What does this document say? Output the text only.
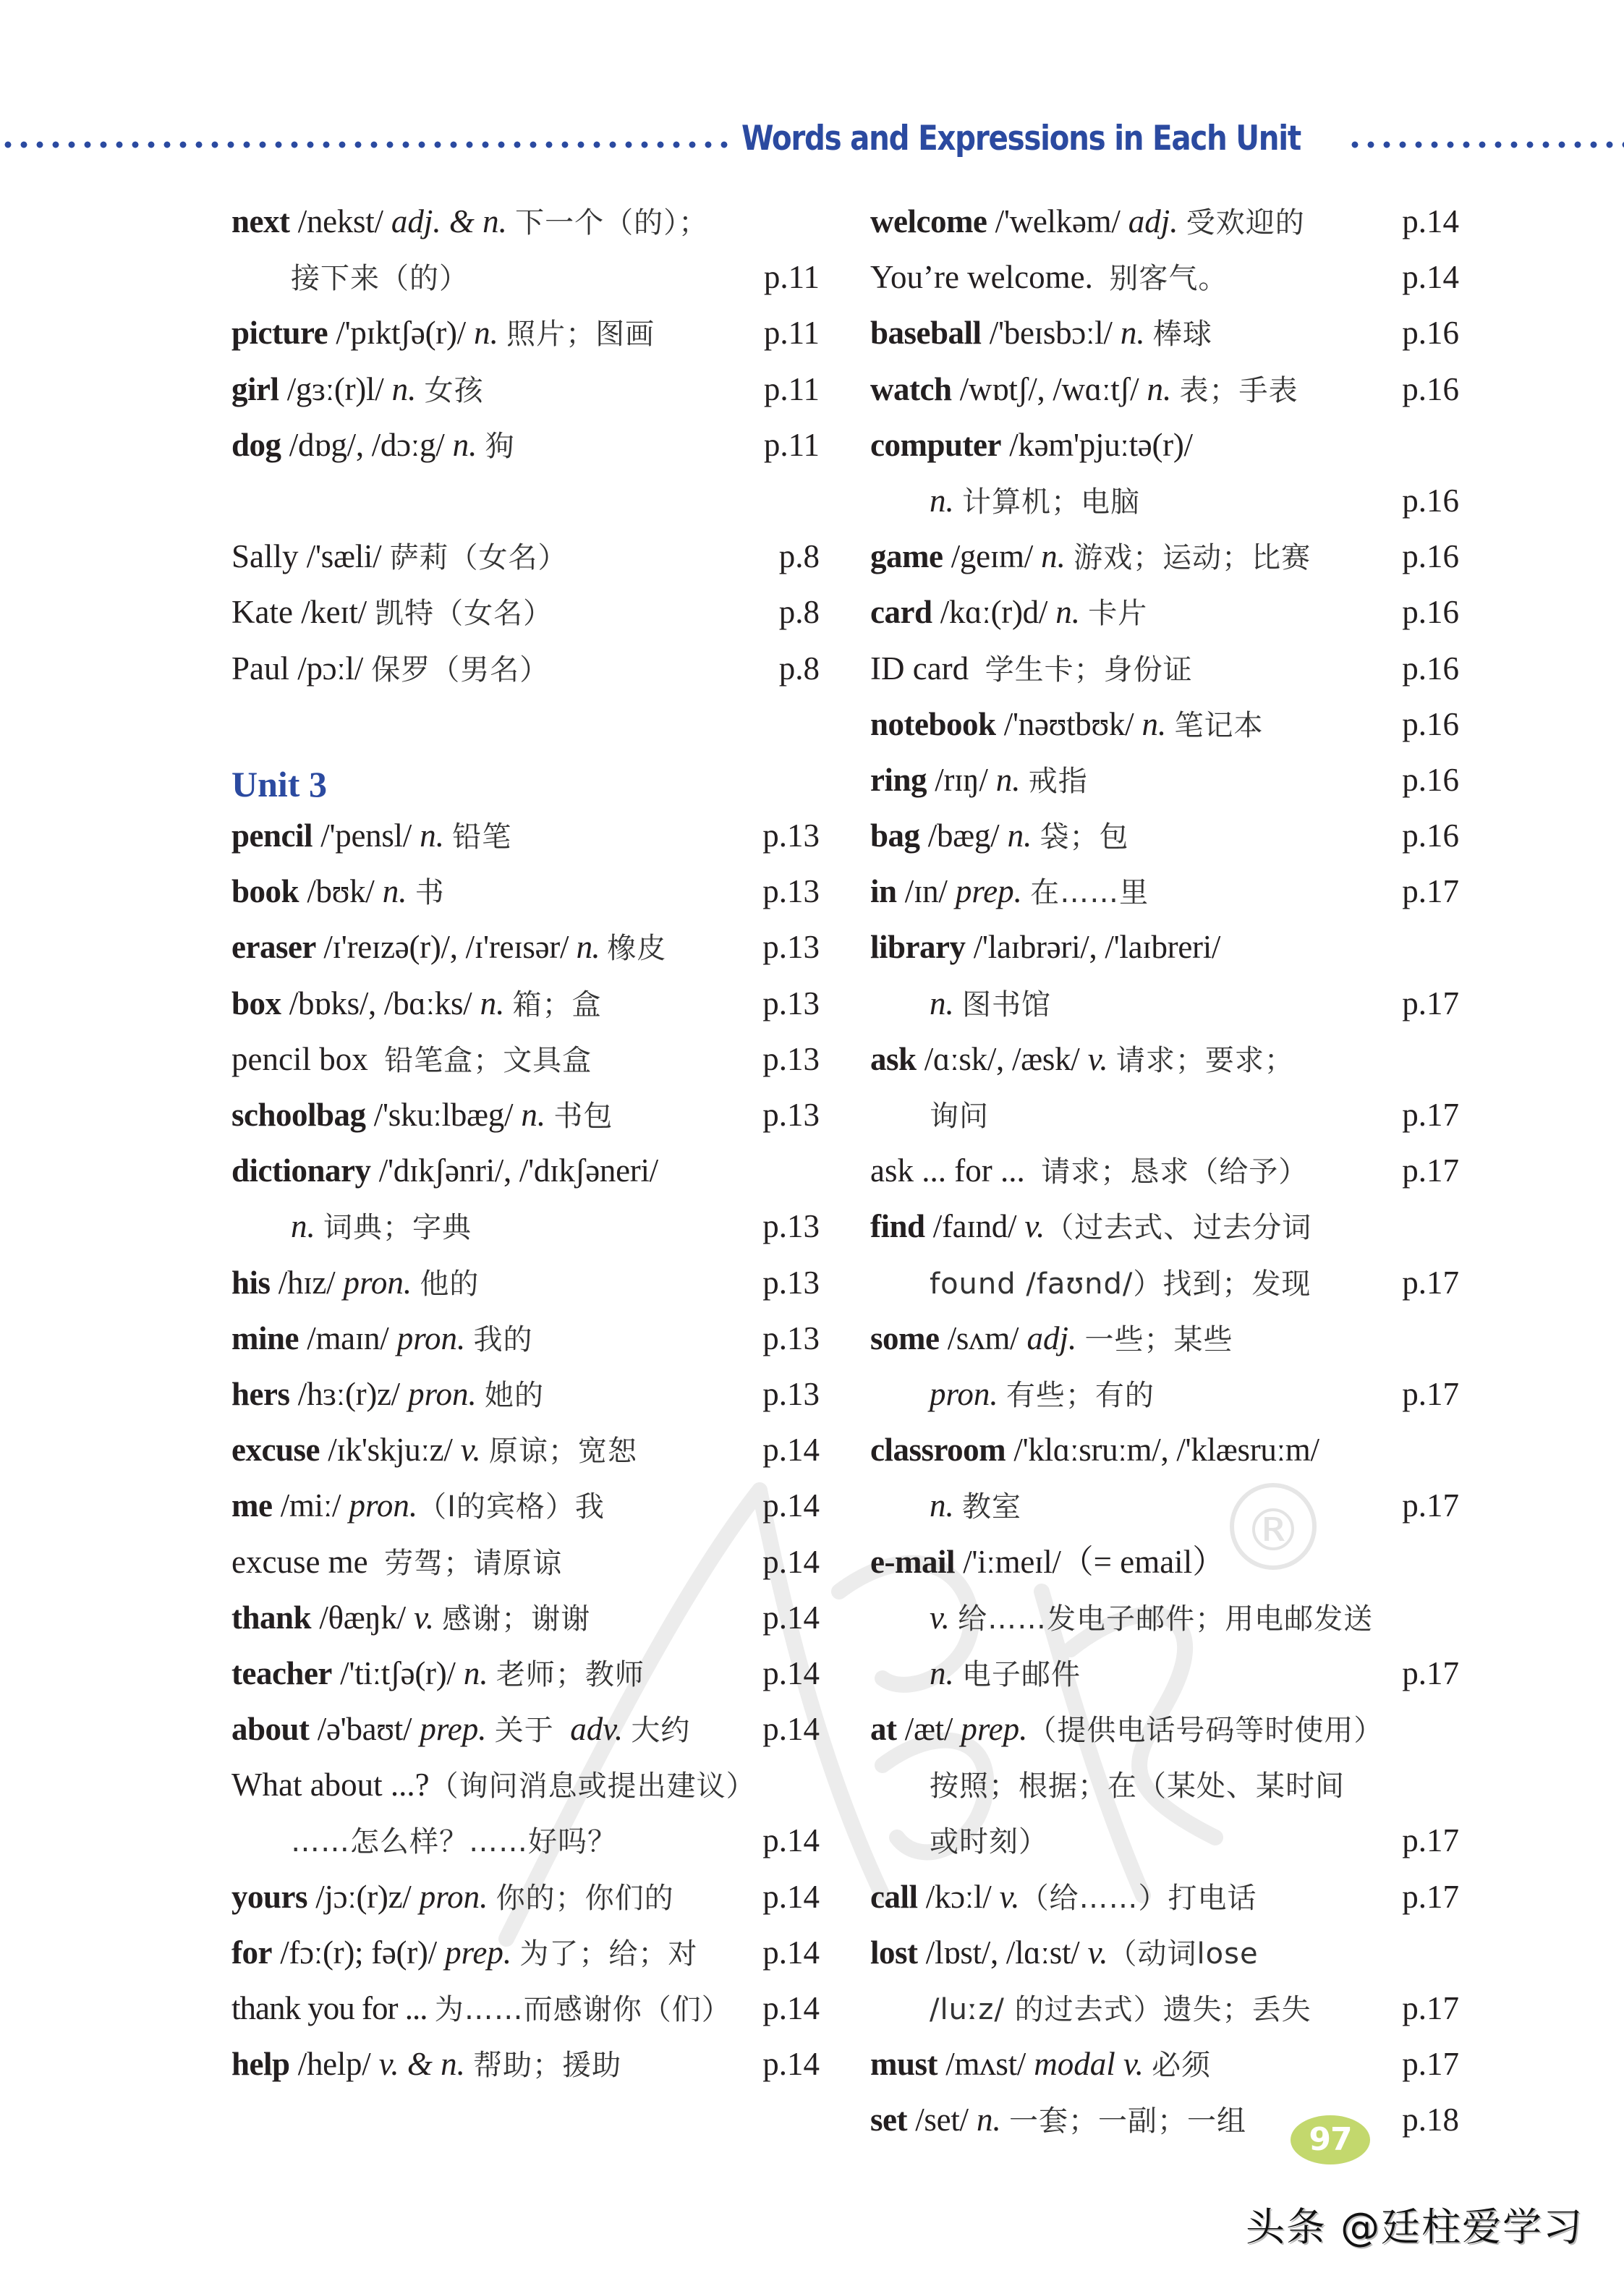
Words and Expressions in Each Unit
®
next /nekst/ adj. & n. 下一个（的）；
接下来（的）	p.11
picture /'pɪktʃə(r)/ n. 照片；图画	p.11
girl /gɜː(r)l/ n. 女孩	p.11
dog /dɒg/, /dɔːg/ n. 狗	p.11
Sally /'sæli/ 萨莉（女名）	p.8
Kate /keɪt/ 凯特（女名）	p.8
Paul /pɔːl/ 保罗（男名）	p.8
Unit 3
pencil /'pensl/ n. 铅笔	p.13
book /bʊk/ n. 书	p.13
eraser /ɪ'reɪzə(r)/, /ɪ'reɪsər/ n. 橡皮	p.13
box /bɒks/, /bɑːks/ n. 箱；盒	p.13
pencil box 铅笔盒；文具盒	p.13
schoolbag /'skuːlbæg/ n. 书包	p.13
dictionary /'dɪkʃənri/, /'dɪkʃəneri/
n. 词典；字典	p.13
his /hɪz/ pron. 他的	p.13
mine /maɪn/ pron. 我的	p.13
hers /hɜː(r)z/ pron. 她的	p.13
excuse /ɪk'skjuːz/ v. 原谅；宽恕	p.14
me /miː/ pron.（I的宾格）我	p.14
excuse me 劳驾；请原谅	p.14
thank /θæŋk/ v. 感谢；谢谢	p.14
teacher /'tiːtʃə(r)/ n. 老师；教师	p.14
about /ə'baʊt/ prep. 关于 adv. 大约 p.14
What about ...?（询问消息或提出建议）
……怎么样？……好吗？	p.14
yours /jɔː(r)z/ pron. 你的；你们的	p.14
for /fɔː(r); fə(r)/ prep. 为了；给；对 p.14
thank you for ... 为……而感谢你（们） p.14
help /help/ v. & n. 帮助；援助	p.14
welcome /'welkəm/ adj. 受欢迎的	p.14
You’re welcome. 别客气。	p.14
baseball /'beɪsbɔːl/ n. 棒球	p.16
watch /wɒtʃ/, /wɑːtʃ/ n. 表；手表	p.16
computer /kəm'pjuːtə(r)/
n. 计算机；电脑	p.16
game /geɪm/ n. 游戏；运动；比赛	p.16
card /kɑː(r)d/ n. 卡片	p.16
ID card 学生卡；身份证	p.16
notebook /'nəʊtbʊk/ n. 笔记本	p.16
ring /rɪŋ/ n. 戒指	p.16
bag /bæg/ n. 袋；包	p.16
in /ɪn/ prep. 在……里	p.17
library /'laɪbrəri/, /'laɪbreri/
n. 图书馆	p.17
ask /ɑːsk/, /æsk/ v. 请求；要求；
询问	p.17
ask ... for ... 请求；恳求（给予）	p.17
find /faɪnd/ v.（过去式、过去分词
found /faʊnd/）找到；发现	p.17
some /sʌm/ adj. 一些；某些
pron. 有些；有的	p.17
classroom /'klɑːsruːm/, /'klæsruːm/
n. 教室	p.17
e-mail /'iːmeɪl/（= email）
v. 给……发电子邮件；用电邮发送
n. 电子邮件	p.17
at /æt/ prep.（提供电话号码等时使用）
按照；根据；在（某处、某时间
或时刻）	p.17
call /kɔːl/ v.（给……）打电话	p.17
lost /lɒst/, /lɑːst/ v.（动词lose
/luːz/ 的过去式）遗失；丢失	p.17
must /mʌst/ modal v. 必须	p.17
set /set/ n. 一套；一副；一组	p.18
97
头条 @廷柱爱学习
